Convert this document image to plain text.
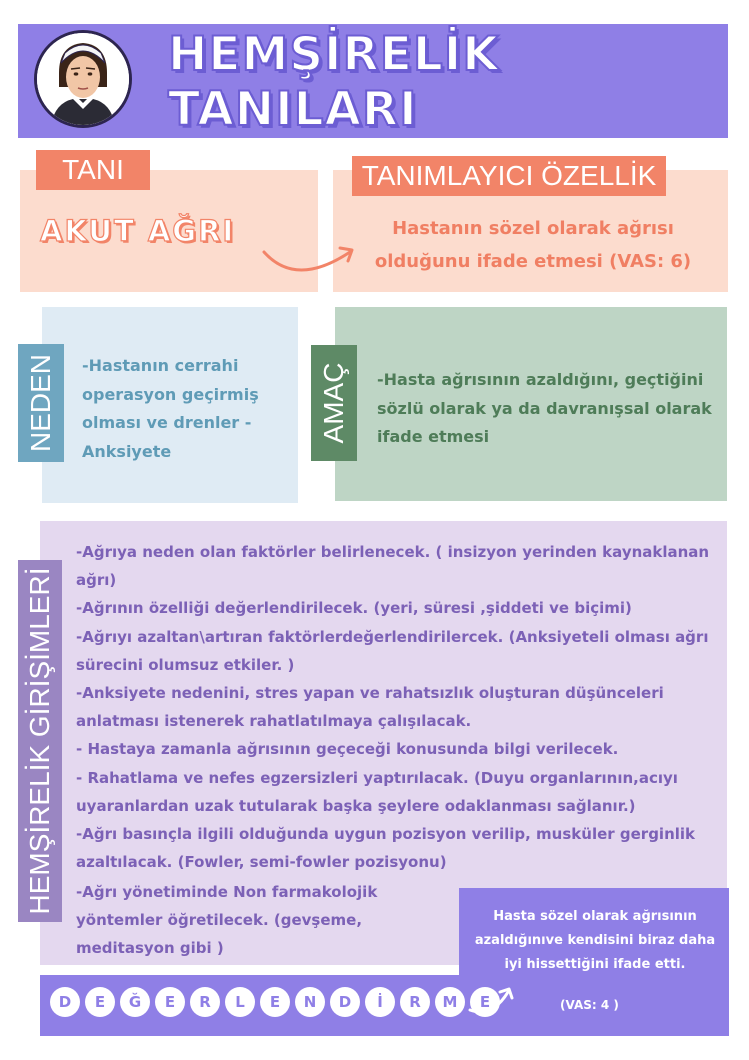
HEMŞİRELİK TANILARI
TANI
AKUT AĞRI
TANIMLAYICI ÖZELLİK
Hastanın sözel olarak ağrısı olduğunu ifade etmesi (VAS: 6)
NEDEN -Hastanın cerrahi operasyon geçirmiş olması ve drenler -Anksiyete
AMAÇ -Hasta ağrısının azaldığını, geçtiğini sözlü olarak ya da davranışsal olarak ifade etmesi
HEMŞİRELİK GİRİŞİMLERİ
-Ağrıya neden olan faktörler belirlenecek. ( insizyon yerinden kaynaklanan ağrı)
-Ağrının özelliği değerlendirilecek. (yeri, süresi ,şiddeti ve biçimi)
-Ağrıyı azaltan\artıran faktörlerdeğerlendirilercek. (Anksiyeteli olması ağrı sürecini olumsuz etkiler. )
-Anksiyete nedenini, stres yapan ve rahatsızlık oluşturan düşünceleri anlatması istenerek rahatlatılmaya çalışılacak.
- Hastaya zamanla ağrısının geçeceği konusunda bilgi verilecek.
- Rahatlama ve nefes egzersizleri yaptırılacak. (Duyu organlarının,acıyı uyaranlardan uzak tutularak başka şeylere odaklanması sağlanır.)
-Ağrı basınçla ilgili olduğunda uygun pozisyon verilip, musküler gerginlik azaltılacak. (Fowler, semi-fowler pozisyonu)
-Ağrı yönetiminde Non farmakolojik yöntemler öğretilecek. (gevşeme, meditasyon gibi )
Hasta sözel olarak ağrısının azaldığınıve kendisini biraz daha iyi hissettiğini ifade etti.
(VAS: 4 )
D	E	Ğ	E	R	L	E	N	D	İ	R	M	E
